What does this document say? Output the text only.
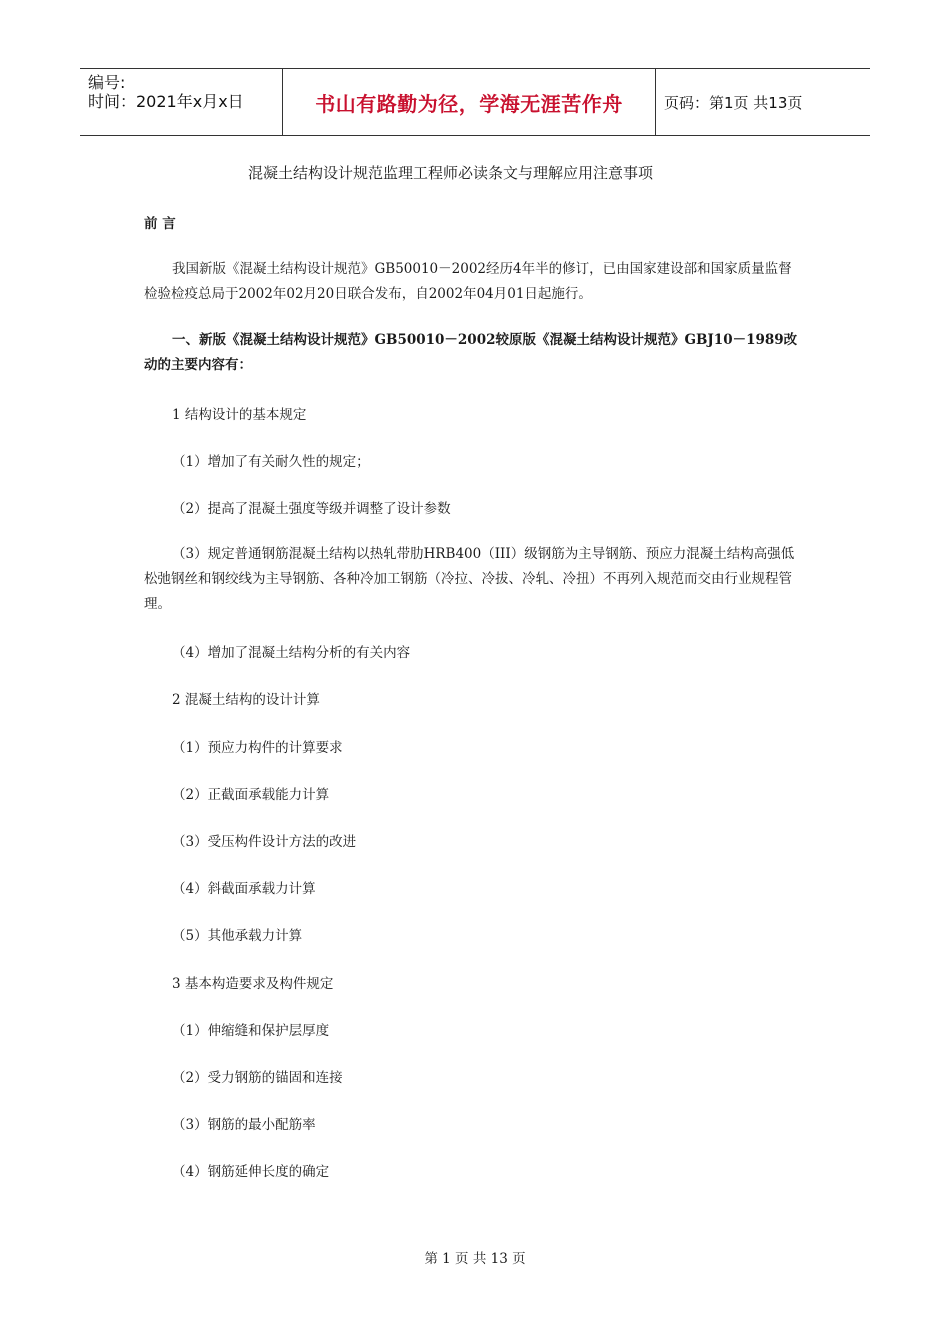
编号:
时间：2021年x月x日	书山有路勤为径，学海无涯苦作舟	页码：第1页 共13页
混凝土结构设计规范监理工程师必读条文与理解应用注意事项
前 言
我国新版《混凝土结构设计规范》GB50010－2002经历4年半的修订，已由国家建设部和国家质量监督检验检疫总局于2002年02月20日联合发布，自2002年04月01日起施行。
一、新版《混凝土结构设计规范》GB50010－2002较原版《混凝土结构设计规范》GBJ10－1989改动的主要内容有：
1 结构设计的基本规定
（1）增加了有关耐久性的规定；
（2）提高了混凝土强度等级并调整了设计参数
（3）规定普通钢筋混凝土结构以热轧带肋HRB400（III）级钢筋为主导钢筋、预应力混凝土结构高强低松弛钢丝和钢绞线为主导钢筋、各种冷加工钢筋（冷拉、冷拔、冷轧、冷扭）不再列入规范而交由行业规程管理。
（4）增加了混凝土结构分析的有关内容
2 混凝土结构的设计计算
（1）预应力构件的计算要求
（2）正截面承载能力计算
（3）受压构件设计方法的改进
（4）斜截面承载力计算
（5）其他承载力计算
3 基本构造要求及构件规定
（1）伸缩缝和保护层厚度
（2）受力钢筋的锚固和连接
（3）钢筋的最小配筋率
（4）钢筋延伸长度的确定
第 1 页 共 13 页
